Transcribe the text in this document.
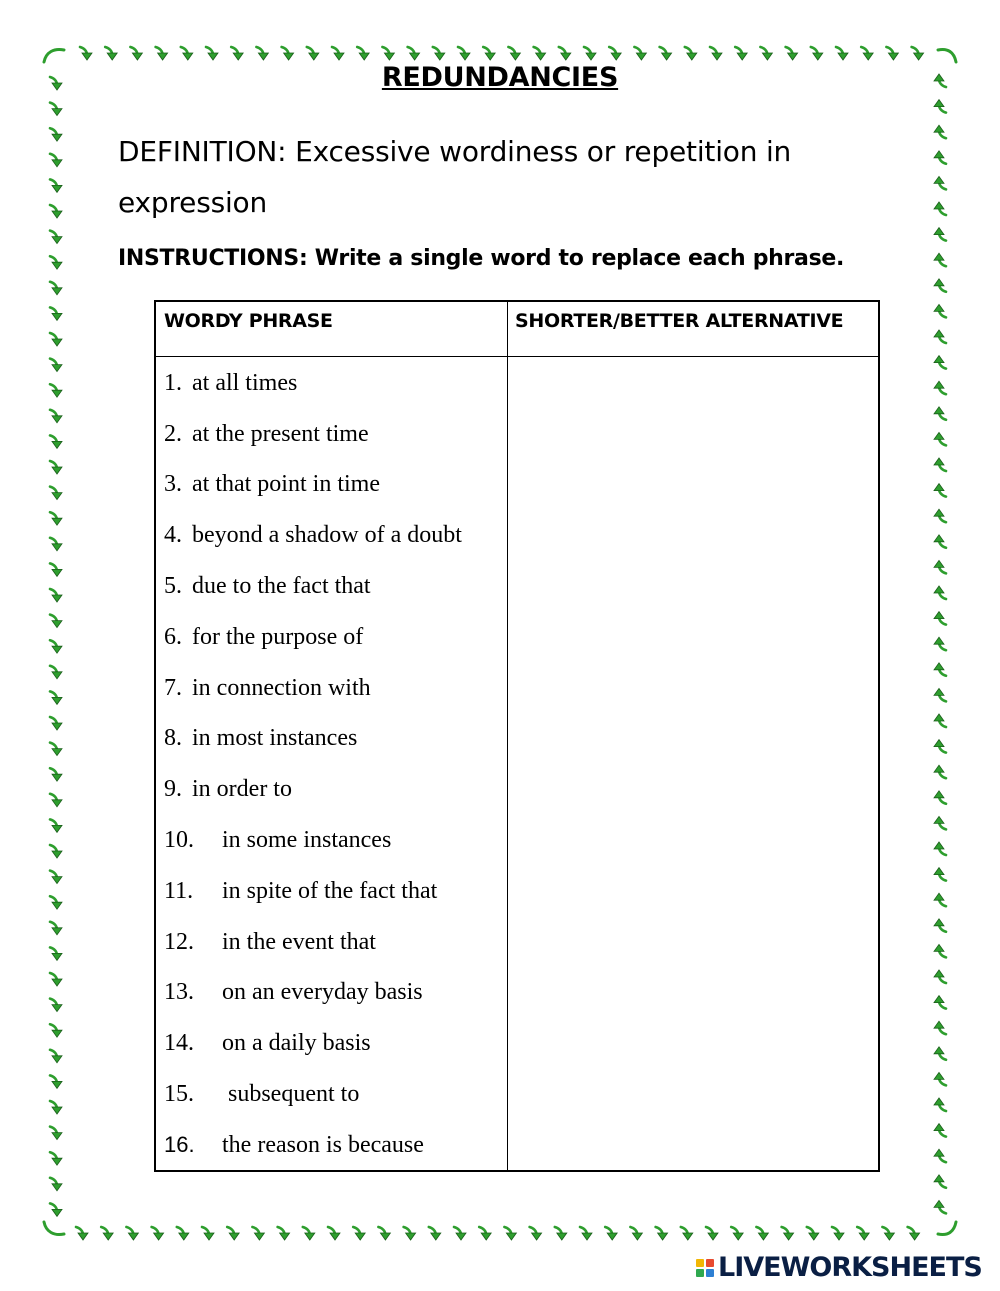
REDUNDANCIES
DEFINITION: Excessive wordiness or repetition in expression
INSTRUCTIONS: Write a single word to replace each phrase.
WORDY PHRASE	SHORTER/BETTER ALTERNATIVE
1. at all times
2. at the present time
3. at that point in time
4. beyond a shadow of a doubt
5. due to the fact that
6. for the purpose of
7. in connection with
8. in most instances
9. in order to
10.	in some instances
11.	in spite of the fact that
12.	in the event that
13.	on an everyday basis
14.	on a daily basis
15.	subsequent to
16.	the reason is because
LIVEWORKSHEETS
